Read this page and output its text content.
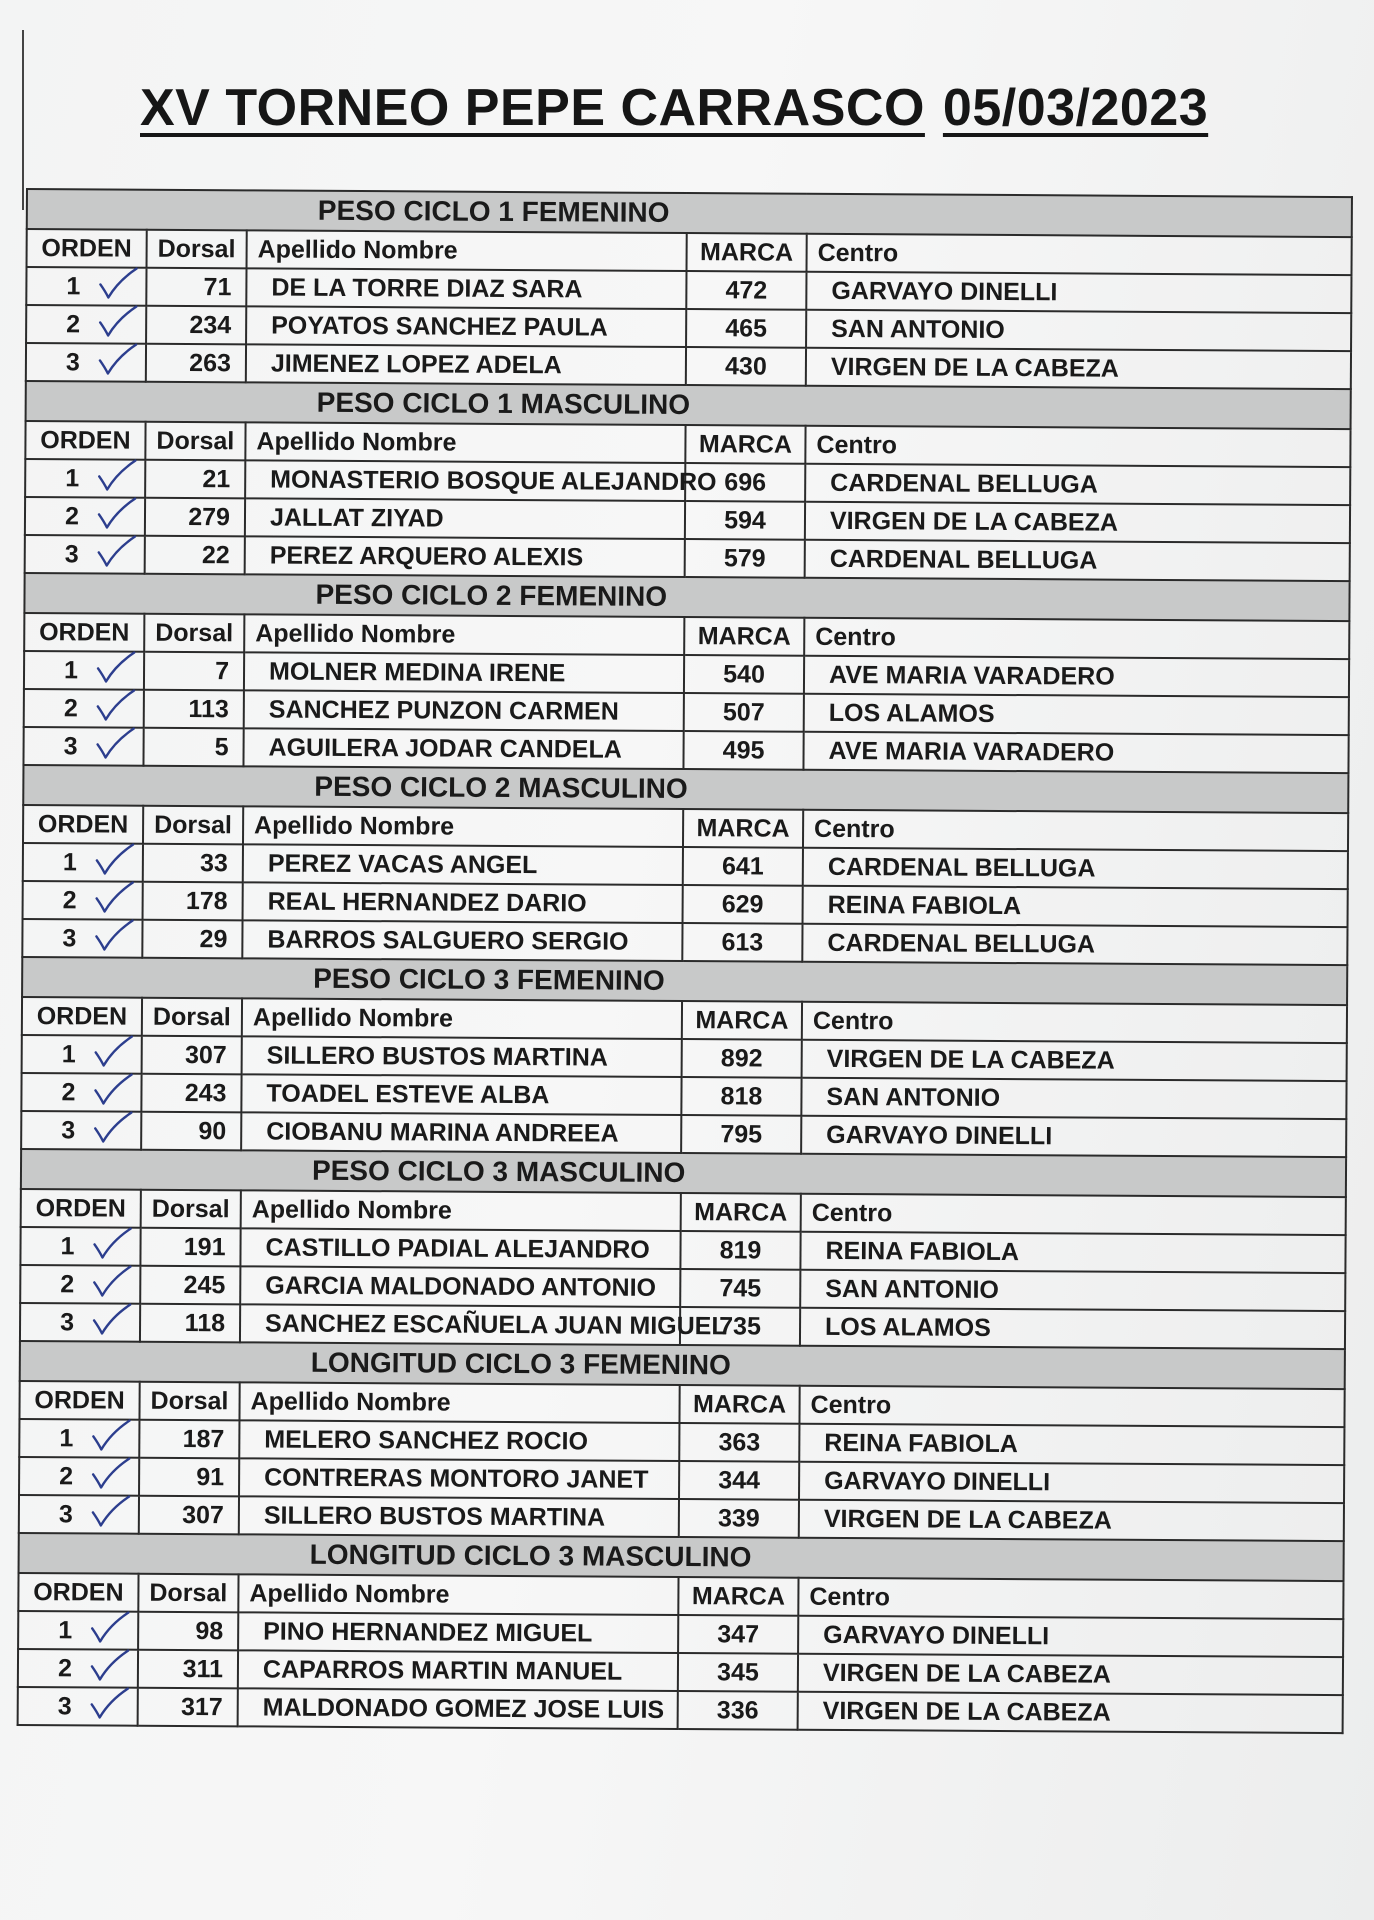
XV TORNEO PEPE CARRASCO 05/03/2023
PESO CICLO 1 FEMENINO				
ORDEN	Dorsal	Apellido Nombre	MARCA	Centro
1	71	DE LA TORRE DIAZ SARA	472	GARVAYO DINELLI
2	234	POYATOS SANCHEZ PAULA	465	SAN ANTONIO
3	263	JIMENEZ LOPEZ ADELA	430	VIRGEN DE LA CABEZA
PESO CICLO 1 MASCULINO				
ORDEN	Dorsal	Apellido Nombre	MARCA	Centro
1	21	MONASTERIO BOSQUE ALEJANDRO	696	CARDENAL BELLUGA
2	279	JALLAT ZIYAD	594	VIRGEN DE LA CABEZA
3	22	PEREZ ARQUERO ALEXIS	579	CARDENAL BELLUGA
PESO CICLO 2 FEMENINO				
ORDEN	Dorsal	Apellido Nombre	MARCA	Centro
1	7	MOLNER MEDINA IRENE	540	AVE MARIA VARADERO
2	113	SANCHEZ PUNZON CARMEN	507	LOS ALAMOS
3	5	AGUILERA JODAR CANDELA	495	AVE MARIA VARADERO
PESO CICLO 2 MASCULINO				
ORDEN	Dorsal	Apellido Nombre	MARCA	Centro
1	33	PEREZ VACAS ANGEL	641	CARDENAL BELLUGA
2	178	REAL HERNANDEZ DARIO	629	REINA FABIOLA
3	29	BARROS SALGUERO SERGIO	613	CARDENAL BELLUGA
PESO CICLO 3 FEMENINO				
ORDEN	Dorsal	Apellido Nombre	MARCA	Centro
1	307	SILLERO BUSTOS MARTINA	892	VIRGEN DE LA CABEZA
2	243	TOADEL ESTEVE ALBA	818	SAN ANTONIO
3	90	CIOBANU MARINA ANDREEA	795	GARVAYO DINELLI
PESO CICLO 3 MASCULINO				
ORDEN	Dorsal	Apellido Nombre	MARCA	Centro
1	191	CASTILLO PADIAL ALEJANDRO	819	REINA FABIOLA
2	245	GARCIA MALDONADO ANTONIO	745	SAN ANTONIO
3	118	SANCHEZ ESCAÑUELA JUAN MIGUEL	735	LOS ALAMOS
LONGITUD CICLO 3 FEMENINO				
ORDEN	Dorsal	Apellido Nombre	MARCA	Centro
1	187	MELERO SANCHEZ ROCIO	363	REINA FABIOLA
2	91	CONTRERAS MONTORO JANET	344	GARVAYO DINELLI
3	307	SILLERO BUSTOS MARTINA	339	VIRGEN DE LA CABEZA
LONGITUD CICLO 3 MASCULINO				
ORDEN	Dorsal	Apellido Nombre	MARCA	Centro
1	98	PINO HERNANDEZ MIGUEL	347	GARVAYO DINELLI
2	311	CAPARROS MARTIN MANUEL	345	VIRGEN DE LA CABEZA
3	317	MALDONADO GOMEZ JOSE LUIS	336	VIRGEN DE LA CABEZA
